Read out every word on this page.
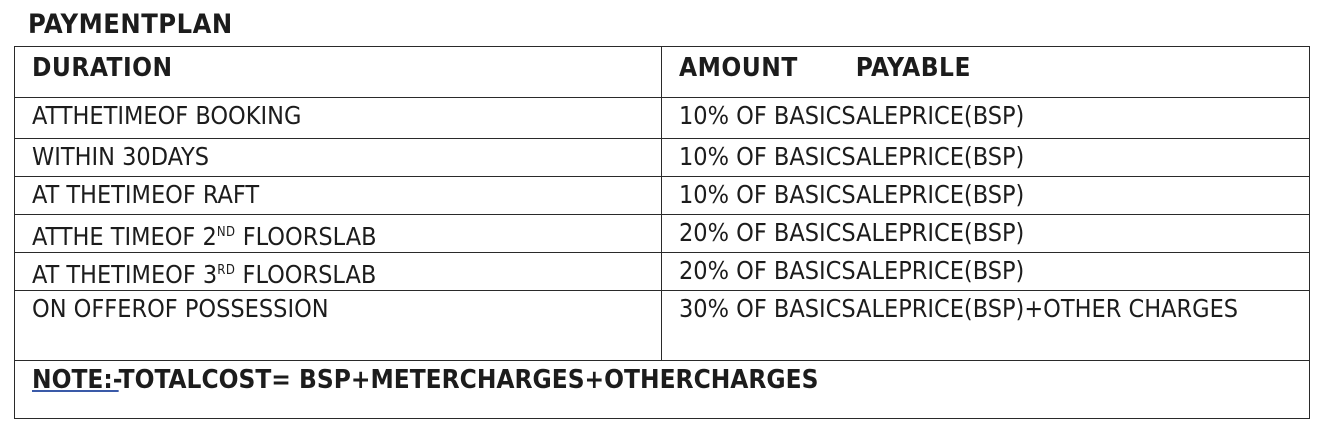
PAYMENTPLAN
DURATION	AMOUNT PAYABLE
ATTHETIMEOF BOOKING	10% OF BASICSALEPRICE(BSP)
WITHIN 30DAYS	10% OF BASICSALEPRICE(BSP)
AT THETIMEOF RAFT	10% OF BASICSALEPRICE(BSP)
ATTHE TIMEOF 2ND FLOORSLAB	20% OF BASICSALEPRICE(BSP)
AT THETIMEOF 3RD FLOORSLAB	20% OF BASICSALEPRICE(BSP)
ON OFFEROF POSSESSION	30% OF BASICSALEPRICE(BSP)+OTHER CHARGES
NOTE:-TOTALCOST= BSP+METERCHARGES+OTHERCHARGES	
